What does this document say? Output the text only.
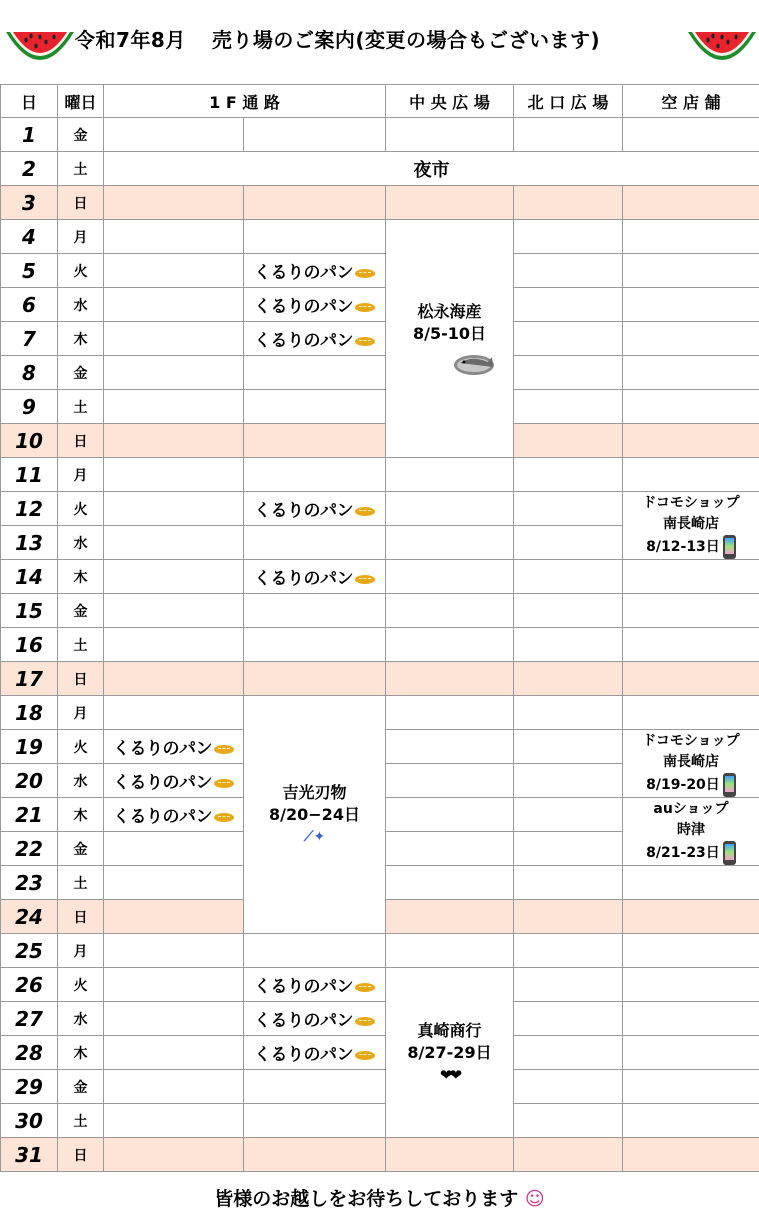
令和7年8月 売り場のご案内(変更の場合もございます)
日	曜日	1 F 通 路		中 央 広 場	北 口 広 場	空 店 舗
1	金					
2	土	夜市				
3	日					
4	月			松永海産
8/5-10日		

5	火		くるりのパン			
6	水		くるりのパン			
7	木		くるりのパン			
8	金					
9	土					
10	日					
11	月					
12	火		くるりのパン			ドコモショップ
南長崎店
8/12-13日

13	水					
14	木		くるりのパン			
15	金					
16	土					
17	日					
18	月		吉光刃物
8/20−24日
⟋✦			

19	火	くるりのパン				ドコモショップ
南長崎店
8/19-20日

20	水	くるりのパン				
21	木	くるりのパン				auショップ
時津
8/21-23日

22	金					
23	土					
24	日					
25	月					
26	火		くるりのパン	真崎商行
8/27-29日
❤❤		

27	水		くるりのパン			
28	木		くるりのパン			
29	金					
30	土					
31	日					
皆様のお越しをお待ちしております ☺
